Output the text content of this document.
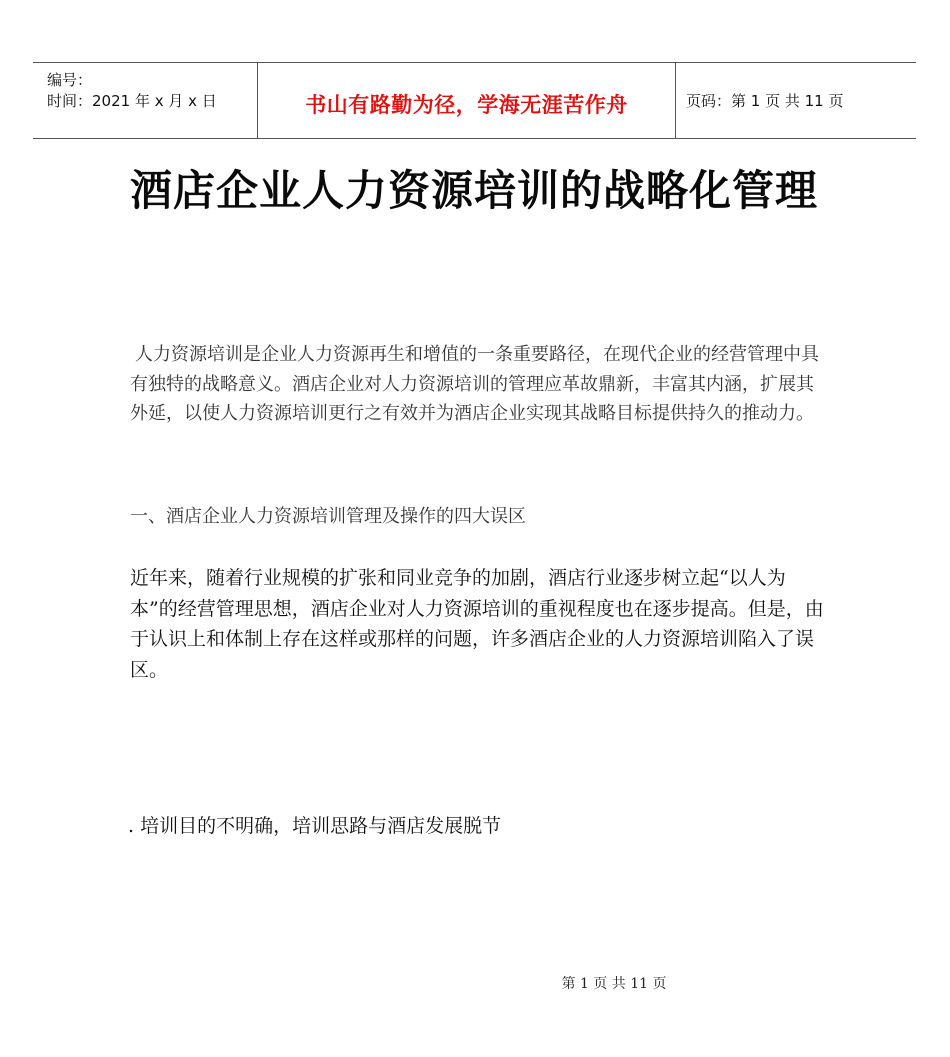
编号：
时间：2021 年 x 月 x 日	书山有路勤为径，学海无涯苦作舟	页码：第 1 页 共 11 页
酒店企业人力资源培训的战略化管理

人力资源培训是企业人力资源再生和增值的一条重要路径，在现代企业的经营管理中具有独特的战略意义。酒店企业对人力资源培训的管理应革故鼎新，丰富其内涵，扩展其外延，以使人力资源培训更行之有效并为酒店企业实现其战略目标提供持久的推动力。

一、酒店企业人力资源培训管理及操作的四大误区

近年来，随着行业规模的扩张和同业竞争的加剧，酒店行业逐步树立起“以人为本”的经营管理思想，酒店企业对人力资源培训的重视程度也在逐步提高。但是，由于认识上和体制上存在这样或那样的问题，许多酒店企业的人力资源培训陷入了误区。

. 培训目的不明确，培训思路与酒店发展脱节

第 1 页 共 11 页
